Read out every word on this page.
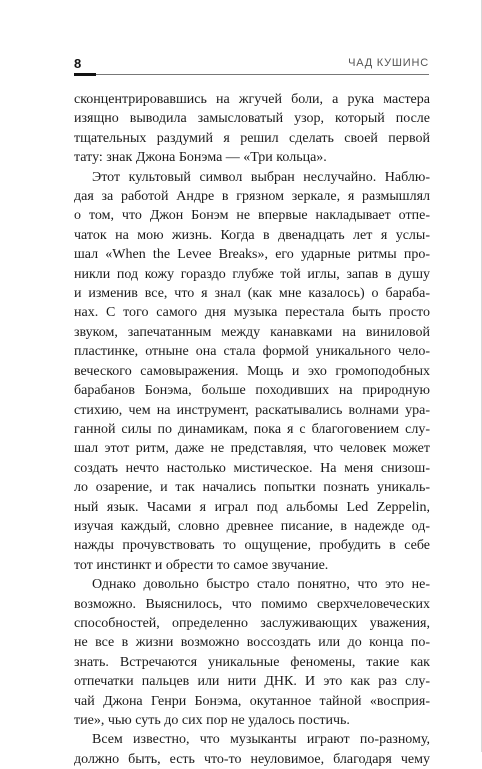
8	ЧАД КУШИНС

сконцентрировавшись на жгучей боли, а рука мастера
изящно выводила замысловатый узор, который после
тщательных раздумий я решил сделать своей первой
тату: знак Джона Бонэма — «Три кольца».

Этот культовый символ выбран неслучайно. Наблю-
дая за работой Андре в грязном зеркале, я размышлял
о том, что Джон Бонэм не впервые накладывает отпе-
чаток на мою жизнь. Когда в двенадцать лет я услы-
шал «When the Levee Breaks», его ударные ритмы про-
никли под кожу гораздо глубже той иглы, запав в душу
и изменив все, что я знал (как мне казалось) о бараба-
нах. С того самого дня музыка перестала быть просто
звуком, запечатанным между канавками на виниловой
пластинке, отныне она стала формой уникального чело-
веческого самовыражения. Мощь и эхо громоподобных
барабанов Бонэма, больше походивших на природную
стихию, чем на инструмент, раскатывались волнами ура-
ганной силы по динамикам, пока я с благоговением слу-
шал этот ритм, даже не представляя, что человек может
создать нечто настолько мистическое. На меня снизош-
ло озарение, и так начались попытки познать уникаль-
ный язык. Часами я играл под альбомы Led Zeppelin,
изучая каждый, словно древнее писание, в надежде од-
нажды прочувствовать то ощущение, пробудить в себе
тот инстинкт и обрести то самое звучание.

Однако довольно быстро стало понятно, что это не-
возможно. Выяснилось, что помимо сверхчеловеческих
способностей, определенно заслуживающих уважения,
не все в жизни возможно воссоздать или до конца по-
знать. Встречаются уникальные феномены, такие как
отпечатки пальцев или нити ДНК. И это как раз слу-
чай Джона Генри Бонэма, окутанное тайной «восприя-
тие», чью суть до сих пор не удалось постичь.

Всем известно, что музыканты играют по-разному,
должно быть, есть что-то неуловимое, благодаря чему
